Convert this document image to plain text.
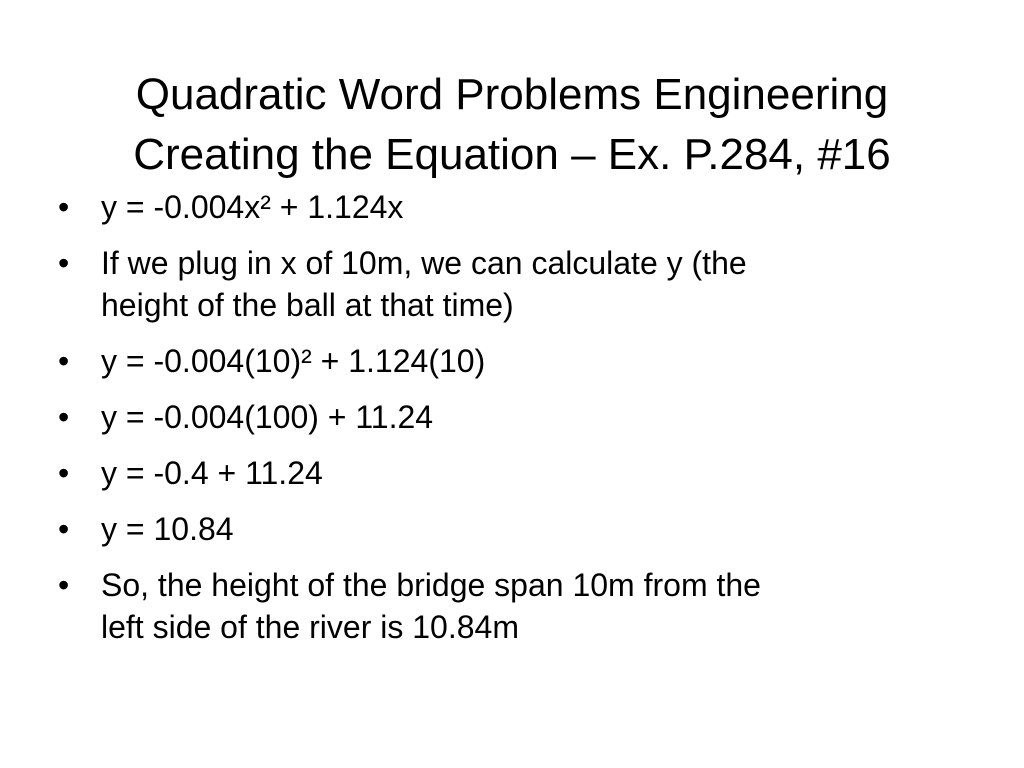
Quadratic Word Problems Engineering
Creating the Equation – Ex. P.284, #16
• y = -0.004x² + 1.124x
• If we plug in x of 10m, we can calculate y (the
height of the ball at that time)
• y = -0.004(10)² + 1.124(10)
• y = -0.004(100) + 11.24
• y = -0.4 + 11.24
• y = 10.84
• So, the height of the bridge span 10m from the
left side of the river is 10.84m
